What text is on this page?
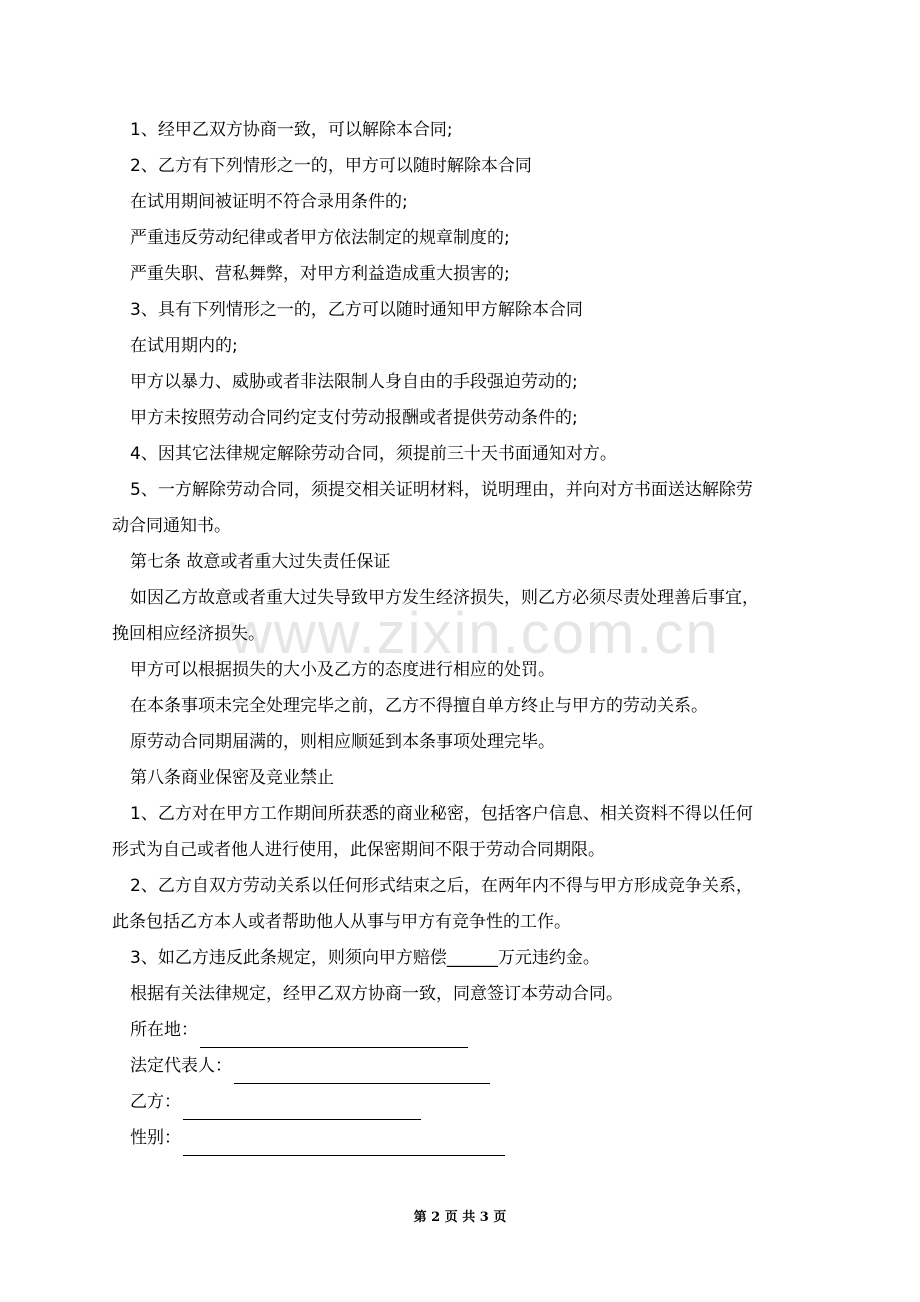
www.zixin.com.cn
1、经甲乙双方协商一致，可以解除本合同;
2、乙方有下列情形之一的，甲方可以随时解除本合同
在试用期间被证明不符合录用条件的;
严重违反劳动纪律或者甲方依法制定的规章制度的;
严重失职、营私舞弊，对甲方利益造成重大损害的;
3、具有下列情形之一的，乙方可以随时通知甲方解除本合同
在试用期内的;
甲方以暴力、威胁或者非法限制人身自由的手段强迫劳动的;
甲方未按照劳动合同约定支付劳动报酬或者提供劳动条件的;
4、因其它法律规定解除劳动合同，须提前三十天书面通知对方。
5、一方解除劳动合同，须提交相关证明材料，说明理由，并向对方书面送达解除劳
动合同通知书。
第七条 故意或者重大过失责任保证
如因乙方故意或者重大过失导致甲方发生经济损失，则乙方必须尽责处理善后事宜，
挽回相应经济损失。
甲方可以根据损失的大小及乙方的态度进行相应的处罚。
在本条事项未完全处理完毕之前，乙方不得擅自单方终止与甲方的劳动关系。
原劳动合同期届满的，则相应顺延到本条事项处理完毕。
第八条商业保密及竞业禁止
1、乙方对在甲方工作期间所获悉的商业秘密，包括客户信息、相关资料不得以任何
形式为自己或者他人进行使用，此保密期间不限于劳动合同期限。
2、乙方自双方劳动关系以任何形式结束之后，在两年内不得与甲方形成竞争关系，
此条包括乙方本人或者帮助他人从事与甲方有竞争性的工作。
3、如乙方违反此条规定，则须向甲方赔偿______万元违约金。
根据有关法律规定，经甲乙双方协商一致，同意签订本劳动合同。
所在地：
法定代表人：
乙方：
性别：
第 2 页 共 3 页
